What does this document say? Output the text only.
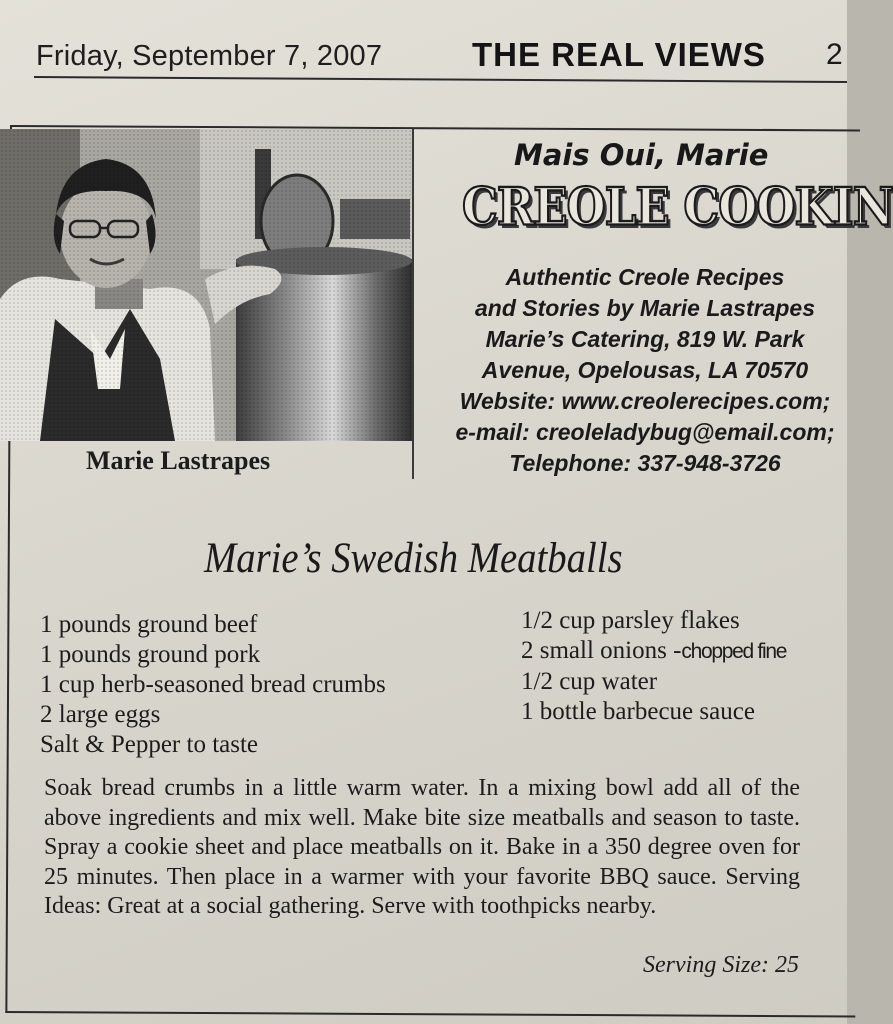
Friday, September 7, 2007	THE REAL VIEWS 2
Marie Lastrapes
Mais Oui, Marie
CREOLE COOKIN
Authentic Creole Recipes
and Stories by Marie Lastrapes
Marie’s Catering, 819 W. Park
Avenue, Opelousas, LA 70570
Website: www.creolerecipes.com;
e-mail: creoleladybug@email.com;
Telephone: 337-948-3726
Marie’s Swedish Meatballs
1 pounds ground beef
1 pounds ground pork
1 cup herb-seasoned bread crumbs
2 large eggs
Salt & Pepper to taste
1/2 cup parsley flakes
2 small onions -chopped fine
1/2 cup water
1 bottle barbecue sauce
Soak bread crumbs in a little warm water. In a mixing bowl add all of the above ingredients and mix well. Make bite size meatballs and season to taste. Spray a cookie sheet and place meatballs on it. Bake in a 350 degree oven for 25 minutes. Then place in a warmer with your favorite BBQ sauce. Serving Ideas: Great at a social gathering. Serve with toothpicks nearby.
Serving Size: 25
